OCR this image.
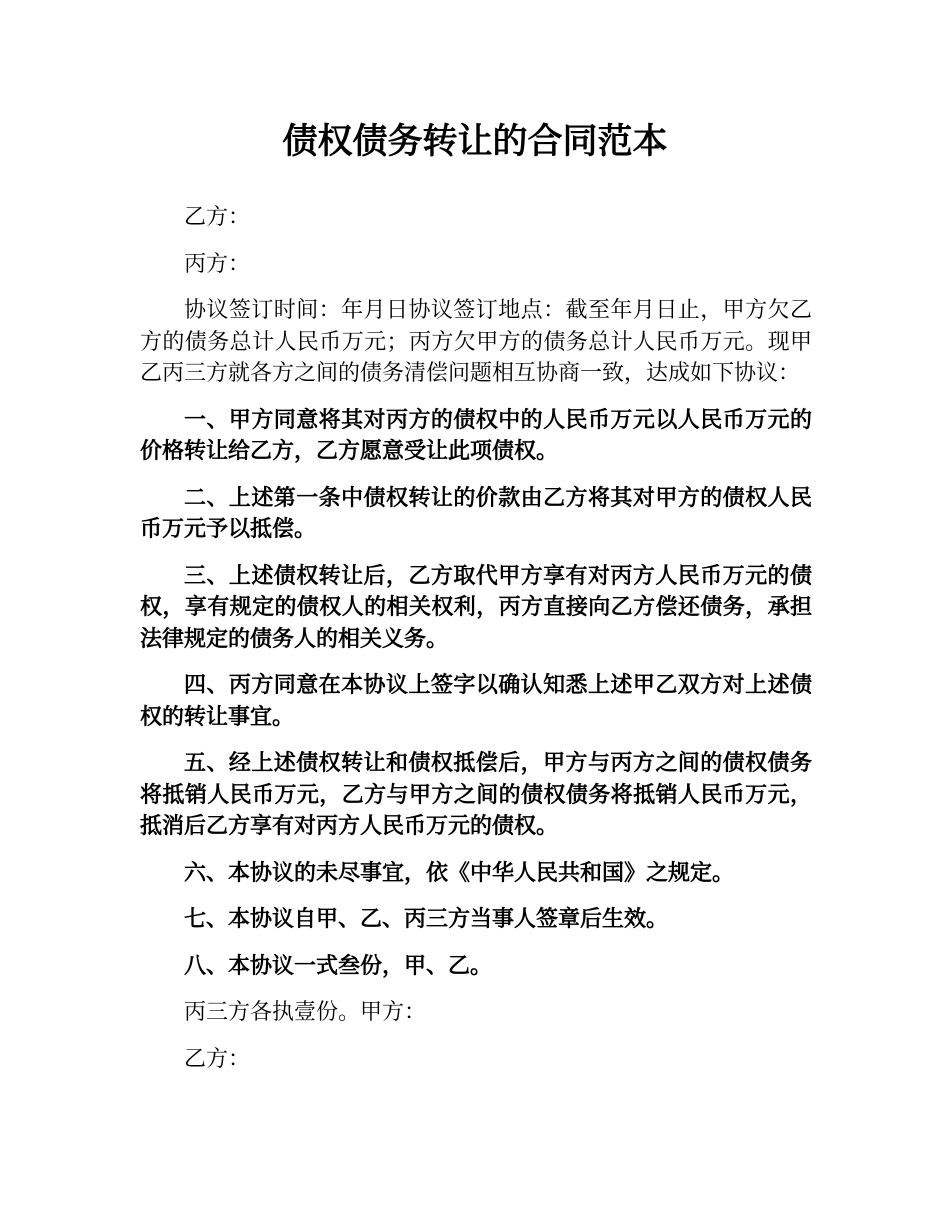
债权债务转让的合同范本

乙方：

丙方：

协议签订时间：年月日协议签订地点：截至年月日止，甲方欠乙方的债务总计人民币万元；丙方欠甲方的债务总计人民币万元。现甲乙丙三方就各方之间的债务清偿问题相互协商一致，达成如下协议：

一、甲方同意将其对丙方的债权中的人民币万元以人民币万元的价格转让给乙方，乙方愿意受让此项债权。

二、上述第一条中债权转让的价款由乙方将其对甲方的债权人民币万元予以抵偿。

三、上述债权转让后，乙方取代甲方享有对丙方人民币万元的债权，享有规定的债权人的相关权利，丙方直接向乙方偿还债务，承担法律规定的债务人的相关义务。

四、丙方同意在本协议上签字以确认知悉上述甲乙双方对上述债权的转让事宜。

五、经上述债权转让和债权抵偿后，甲方与丙方之间的债权债务将抵销人民币万元，乙方与甲方之间的债权债务将抵销人民币万元，抵消后乙方享有对丙方人民币万元的债权。

六、本协议的未尽事宜，依《中华人民共和国》之规定。

七、本协议自甲、乙、丙三方当事人签章后生效。

八、本协议一式叁份，甲、乙。

丙三方各执壹份。甲方：

乙方：
